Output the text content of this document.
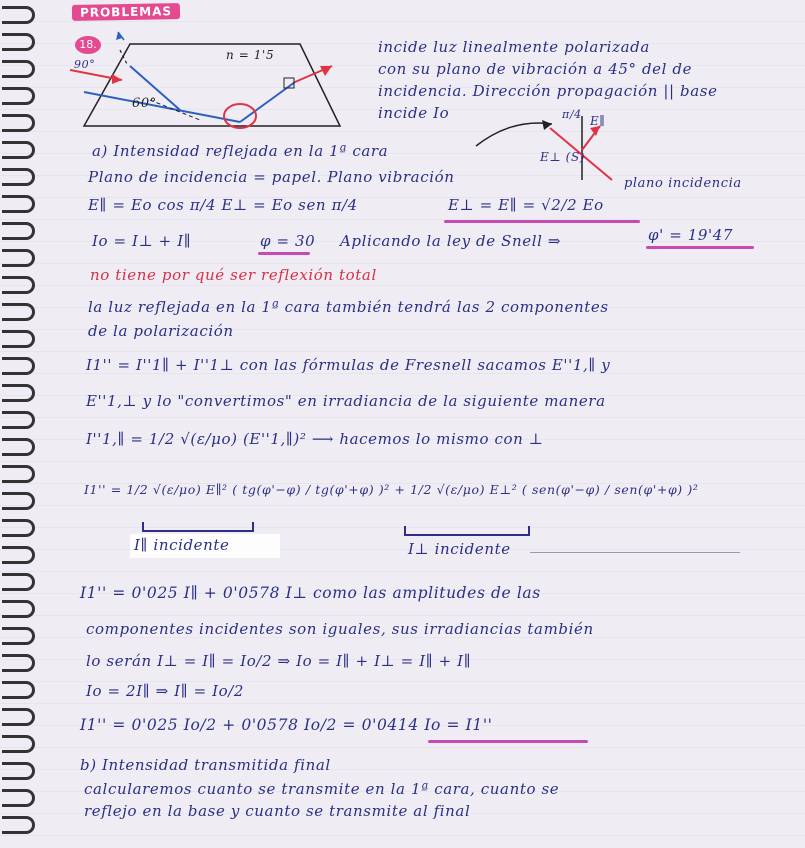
PROBLEMAS
18.
90°
60°
n = 1'5	incide luz linealmente polarizada
con su plano de vibración a 45° del de
incidencia. Dirección propagación || base
incide Io	π/4 E∥
E⊥ (S)
plano incidencia
a) Intensidad reflejada en la 1ª cara
Plano de incidencia = papel. Plano vibración
E∥ = Eo cos π/4 E⊥ = Eo sen π/4	E⊥ = E∥ = √2/2 Eo
Io = I⊥ + I∥	φ = 30 Aplicando la ley de Snell ⇒	φ' = 19'47
no tiene por qué ser reflexión total
la luz reflejada en la 1ª cara también tendrá las 2 componentes
de la polarización
I1'' = I''1∥ + I''1⊥ con las fórmulas de Fresnell sacamos E''1,∥ y
E''1,⊥ y lo "convertimos" en irradiancia de la siguiente manera
I''1,∥ = 1/2 √(ε/μo) (E''1,∥)² ⟶ hacemos lo mismo con ⊥
I1'' = 1/2 √(ε/μo) E∥² ( tg(φ'−φ) / tg(φ'+φ) )² + 1/2 √(ε/μo) E⊥² ( sen(φ'−φ) / sen(φ'+φ) )²
I∥ incidente	I⊥ incidente
I1'' = 0'025 I∥ + 0'0578 I⊥ como las amplitudes de las
componentes incidentes son iguales, sus irradiancias también
lo serán I⊥ = I∥ = Io/2 ⇒ Io = I∥ + I⊥ = I∥ + I∥
Io = 2I∥ ⇒ I∥ = Io/2
I1'' = 0'025 Io/2 + 0'0578 Io/2 = 0'0414 Io = I1''
b) Intensidad transmitida final
calcularemos cuanto se transmite en la 1ª cara, cuanto se
reflejo en la base y cuanto se transmite al final
